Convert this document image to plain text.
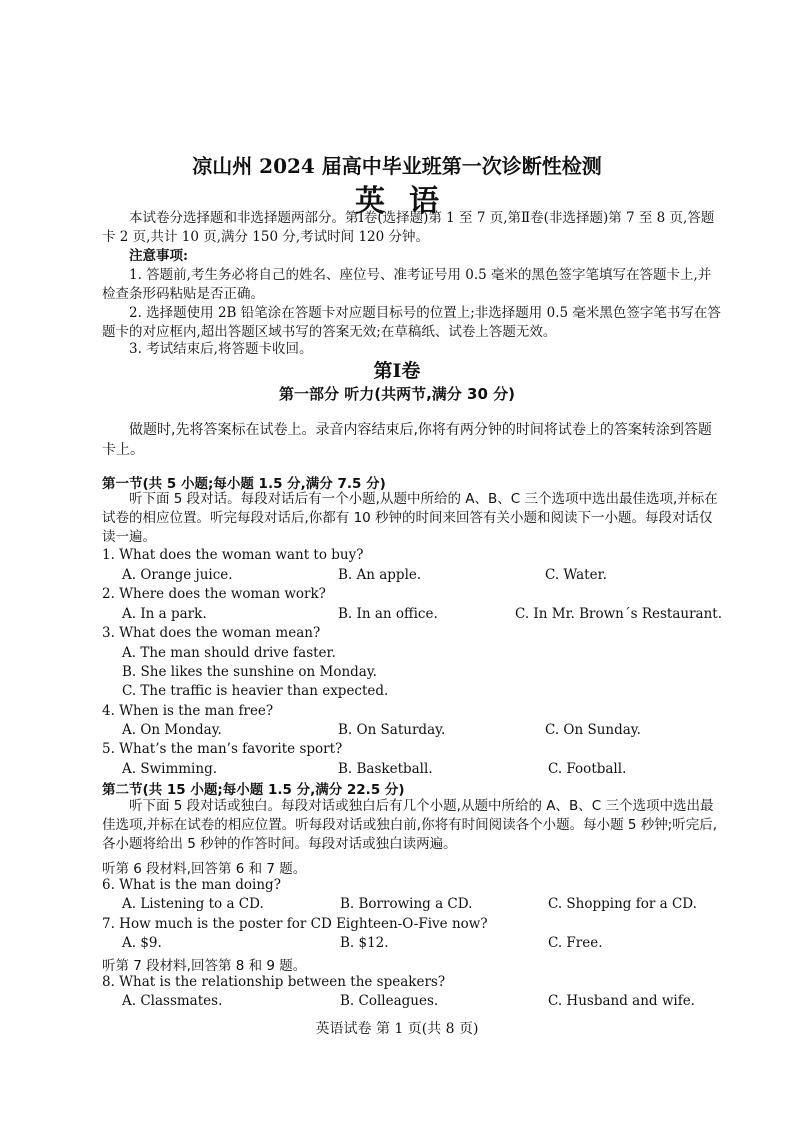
凉山州 2024 届高中毕业班第一次诊断性检测
英语
本试卷分选择题和非选择题两部分。第Ⅰ卷(选择题)第 1 至 7 页,第Ⅱ卷(非选择题)第 7 至 8 页,答题卡 2 页,共计 10 页,满分 150 分,考试时间 120 分钟。
注意事项:
1. 答题前,考生务必将自己的姓名、座位号、准考证号用 0.5 毫米的黑色签字笔填写在答题卡上,并检查条形码粘贴是否正确。
2. 选择题使用 2B 铅笔涂在答题卡对应题目标号的位置上;非选择题用 0.5 毫米黑色签字笔书写在答题卡的对应框内,超出答题区域书写的答案无效;在草稿纸、试卷上答题无效。
3. 考试结束后,将答题卡收回。
第Ⅰ卷
第一部分 听力(共两节,满分 30 分)
做题时,先将答案标在试卷上。录音内容结束后,你将有两分钟的时间将试卷上的答案转涂到答题卡上。
第一节(共 5 小题;每小题 1.5 分,满分 7.5 分)
听下面 5 段对话。每段对话后有一个小题,从题中所给的 A、B、C 三个选项中选出最佳选项,并标在试卷的相应位置。听完每段对话后,你都有 10 秒钟的时间来回答有关小题和阅读下一小题。每段对话仅读一遍。
1. What does the woman want to buy?
A. Orange juice.	B. An apple.	C. Water.
2. Where does the woman work?
A. In a park.	B. In an office.	C. In Mr. Brown´s Restaurant.
3. What does the woman mean?
A. The man should drive faster.
B. She likes the sunshine on Monday.
C. The traffic is heavier than expected.
4. When is the man free?
A. On Monday.	B. On Saturday.	C. On Sunday.
5. What’s the man’s favorite sport?
A. Swimming.	B. Basketball.	C. Football.
第二节(共 15 小题;每小题 1.5 分,满分 22.5 分)
听下面 5 段对话或独白。每段对话或独白后有几个小题,从题中所给的 A、B、C 三个选项中选出最佳选项,并标在试卷的相应位置。听每段对话或独白前,你将有时间阅读各个小题。每小题 5 秒钟;听完后,各小题将给出 5 秒钟的作答时间。每段对话或独白读两遍。
听第 6 段材料,回答第 6 和 7 题。
6. What is the man doing?
A. Listening to a CD.	B. Borrowing a CD.	C. Shopping for a CD.
7. How much is the poster for CD Eighteen-O-Five now?
A. $9.	B. $12.	C. Free.
听第 7 段材料,回答第 8 和 9 题。
8. What is the relationship between the speakers?
A. Classmates.	B. Colleagues.	C. Husband and wife.
英语试卷 第 1 页(共 8 页)
